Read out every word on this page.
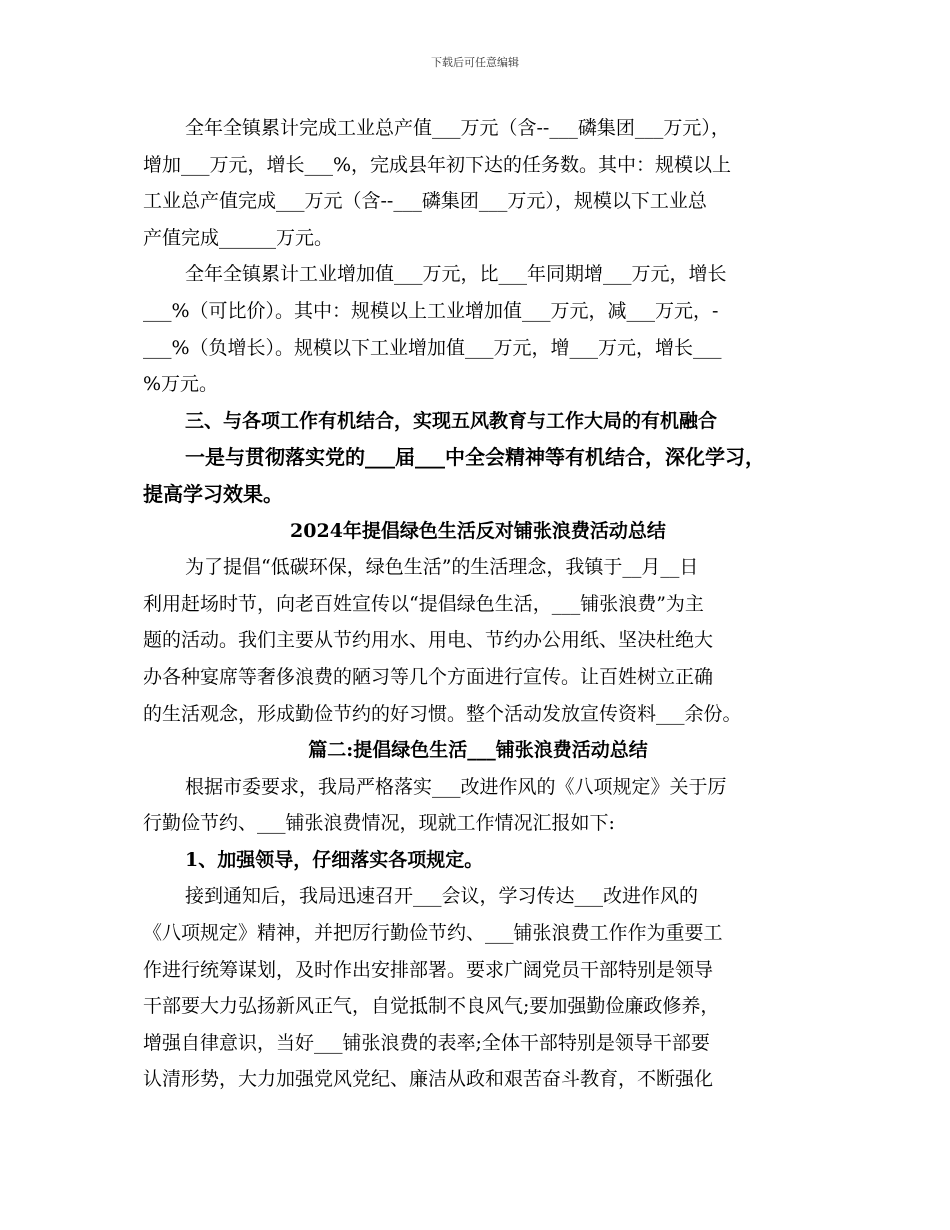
下载后可任意编辑

全年全镇累计完成工业总产值___万元（含--___磷集团___万元），

增加___万元，增长___%，完成县年初下达的任务数。其中：规模以上

工业总产值完成___万元（含--___磷集团___万元），规模以下工业总

产值完成______万元。

全年全镇累计工业增加值___万元，比___年同期增___万元，增长

___%（可比价）。其中：规模以上工业增加值___万元，减___万元，-

___%（负增长）。规模以下工业增加值___万元，增___万元，增长___

%万元。

三、与各项工作有机结合，实现五风教育与工作大局的有机融合

一是与贯彻落实党的___届___中全会精神等有机结合，深化学习，

提高学习效果。

2024年提倡绿色生活反对铺张浪费活动总结

为了提倡“低碳环保，绿色生活”的生活理念，我镇于__月__日

利用赶场时节，向老百姓宣传以“提倡绿色生活，___铺张浪费”为主

题的活动。我们主要从节约用水、用电、节约办公用纸、坚决杜绝大

办各种宴席等奢侈浪费的陋习等几个方面进行宣传。让百姓树立正确

的生活观念，形成勤俭节约的好习惯。整个活动发放宣传资料___余份。

篇二:提倡绿色生活___铺张浪费活动总结

根据市委要求，我局严格落实___改进作风的《八项规定》关于厉

行勤俭节约、___铺张浪费情况，现就工作情况汇报如下:

1、加强领导，仔细落实各项规定。

接到通知后，我局迅速召开___会议，学习传达___改进作风的

《八项规定》精神，并把厉行勤俭节约、___铺张浪费工作作为重要工

作进行统筹谋划，及时作出安排部署。要求广阔党员干部特别是领导

干部要大力弘扬新风正气，自觉抵制不良风气;要加强勤俭廉政修养，

增强自律意识，当好___铺张浪费的表率;全体干部特别是领导干部要

认清形势，大力加强党风党纪、廉洁从政和艰苦奋斗教育，不断强化
